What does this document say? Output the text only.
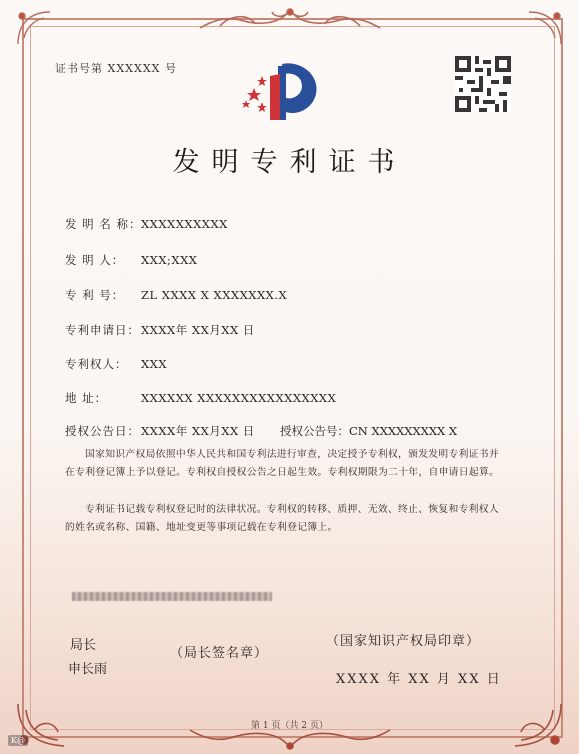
证书号第 XXXXXX 号
发明专利证书
发 明 名 称：XXXXXXXXXX
发 明 人： XXX;XXX
专 利 号： ZL XXXX X XXXXXXX.X
专利申请日：XXXX年 XX月XX 日
专利权人： XXX
地 址：	XXXXXX XXXXXXXXXXXXXXXX
授权公告日：XXXX年 XX月XX 日 授权公告号：CN XXXXXXXXX X
国家知识产权局依照中华人民共和国专利法进行审查，决定授予专利权，颁发发明专利证书并在专利登记簿上予以登记。专利权自授权公告之日起生效。专利权期限为二十年，自申请日起算。
专利证书记载专利权登记时的法律状况。专利权的转移、质押、无效、终止、恢复和专利权人的姓名或名称、国籍、地址变更等事项记载在专利登记簿上。
局长
申长雨
（局长签名章）
（国家知识产权局印章）
XXXX 年 XX 月 XX 日
第 1 页（共 2 页）
K@
